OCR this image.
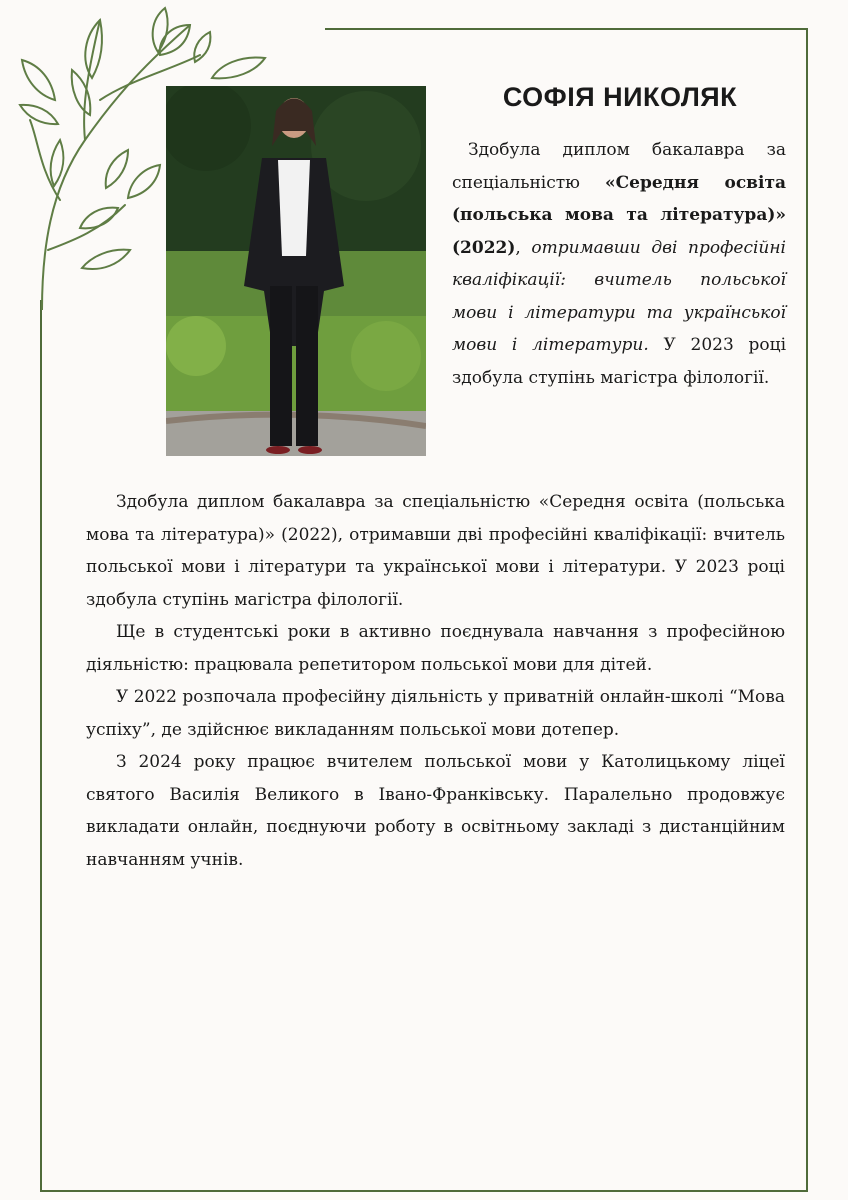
СОФІЯ НИКОЛЯК

Здобула диплом бакалавра за спеціальністю «Середня освіта (польська мова та література)» (2022), отримавши дві професійні кваліфікації: вчитель польської мови і літератури та української мови і літератури. У 2023 році здобула ступінь магістра філології.

Здобула диплом бакалавра за спеціальністю «Середня освіта (польська мова та література)» (2022), отримавши дві професійні кваліфікації: вчитель польської мови і літератури та української мови і літератури. У 2023 році здобула ступінь магістра філології.

Ще в студентські роки в активно поєднувала навчання з професійною діяльністю: працювала репетитором польської мови для дітей.

У 2022 розпочала професійну діяльність у приватній онлайн-школі “Мова успіху”, де здійснює викладанням польської мови дотепер.

З 2024 року працює вчителем польської мови у Католицькому ліцеї святого Василія Великого в Івано-Франківську. Паралельно продовжує викладати онлайн, поєднуючи роботу в освітньому закладі з дистанційним навчанням учнів.
